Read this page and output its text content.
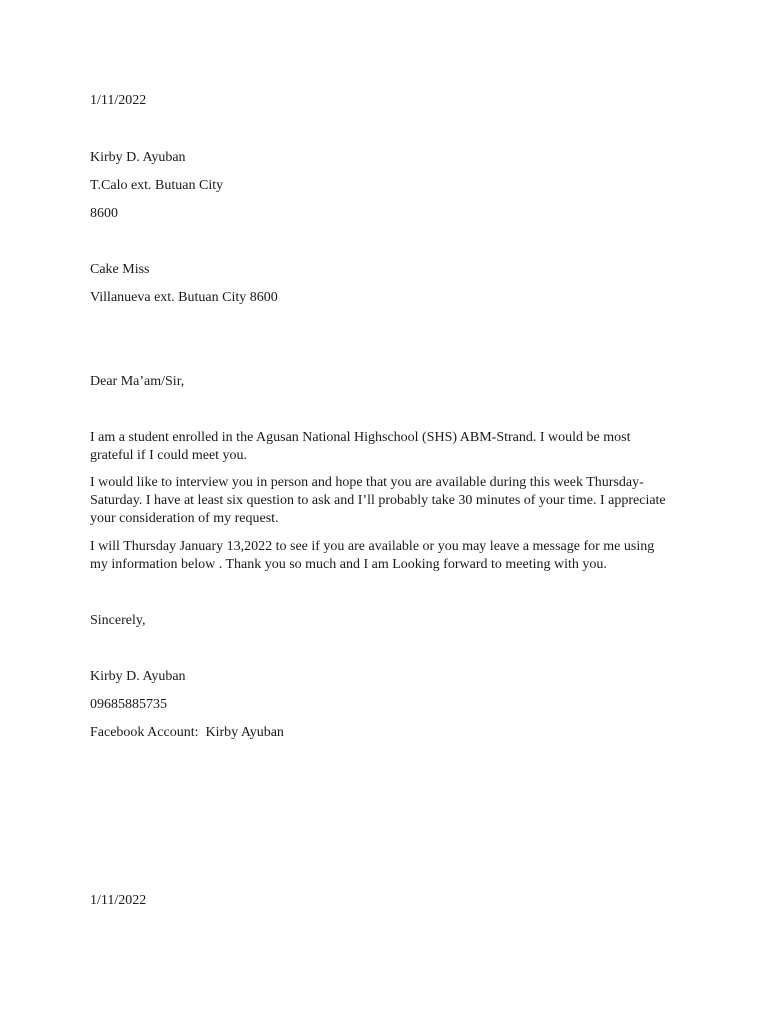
1/11/2022
Kirby D. Ayuban
T.Calo ext. Butuan City
8600
Cake Miss
Villanueva ext. Butuan City 8600
Dear Ma’am/Sir,
I am a student enrolled in the Agusan National Highschool (SHS) ABM-Strand. I would be most
grateful if I could meet you.
I would like to interview you in person and hope that you are available during this week Thursday-
Saturday. I have at least six question to ask and I’ll probably take 30 minutes of your time. I appreciate
your consideration of my request.
I will Thursday January 13,2022 to see if you are available or you may leave a message for me using
my information below . Thank you so much and I am Looking forward to meeting with you.
Sincerely,
Kirby D. Ayuban
09685885735
Facebook Account:  Kirby Ayuban
1/11/2022
